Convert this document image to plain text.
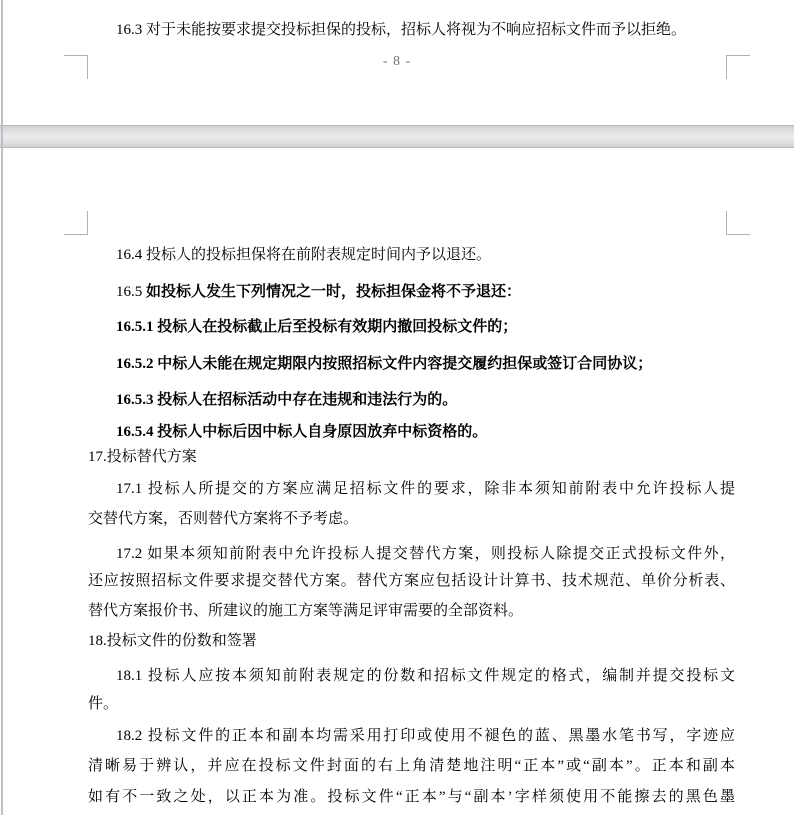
16.3 对于未能按要求提交投标担保的投标，招标人将视为不响应招标文件而予以拒绝。

- 8 -
16.4 投标人的投标担保将在前附表规定时间内予以退还。
16.5 如投标人发生下列情况之一时，投标担保金将不予退还：
16.5.1 投标人在投标截止后至投标有效期内撤回投标文件的；
16.5.2 中标人未能在规定期限内按照招标文件内容提交履约担保或签订合同协议；
16.5.3 投标人在招标活动中存在违规和违法行为的。
16.5.4 投标人中标后因中标人自身原因放弃中标资格的。
17.投标替代方案
17.1 投标人所提交的方案应满足招标文件的要求，除非本须知前附表中允许投标人提
交替代方案，否则替代方案将不予考虑。
17.2 如果本须知前附表中允许投标人提交替代方案，则投标人除提交正式投标文件外，
还应按照招标文件要求提交替代方案。替代方案应包括设计计算书、技术规范、单价分析表、
替代方案报价书、所建议的施工方案等满足评审需要的全部资料。
18.投标文件的份数和签署
18.1 投标人应按本须知前附表规定的份数和招标文件规定的格式，编制并提交投标文
件。
18.2 投标文件的正本和副本均需采用打印或使用不褪色的蓝、黑墨水笔书写，字迹应
清晰易于辨认，并应在投标文件封面的右上角清楚地注明“正本”或“副本”。正本和副本
如有不一致之处，以正本为准。投标文件“正本”与“副本’字样须使用不能擦去的黑色墨
